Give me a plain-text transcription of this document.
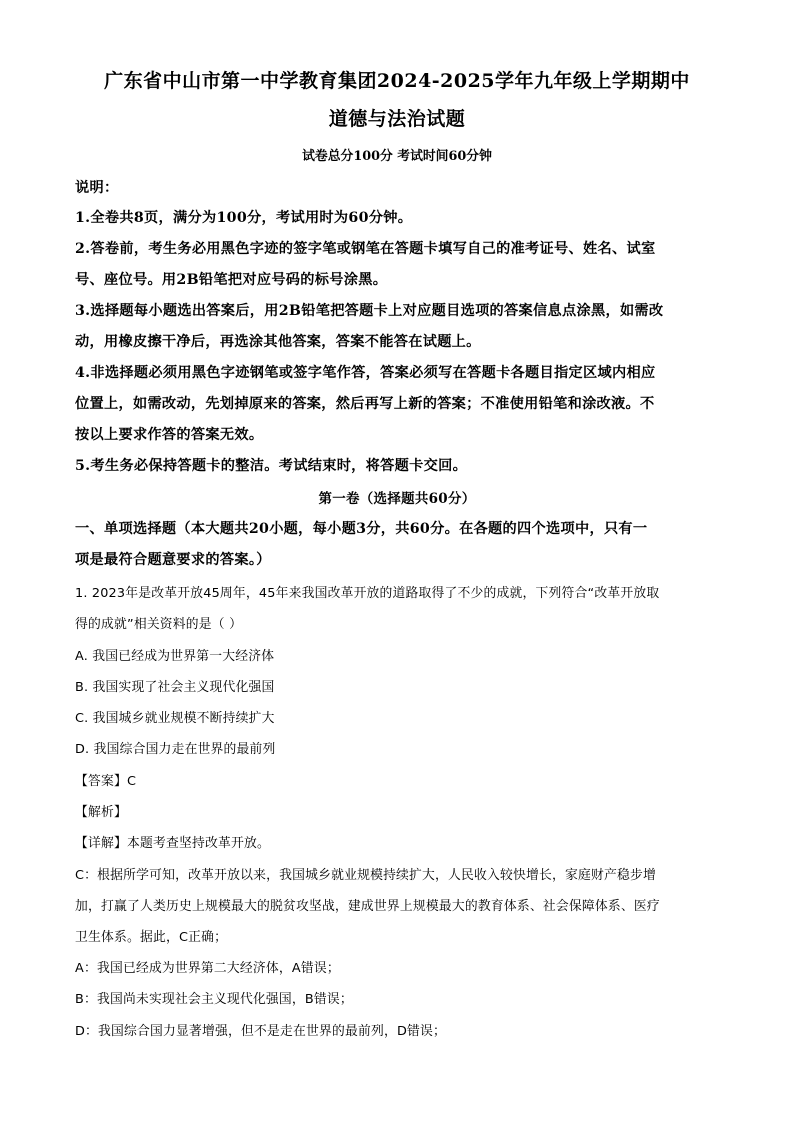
广东省中山市第一中学教育集团2024-2025学年九年级上学期期中
道德与法治试题
试卷总分100分 考试时间60分钟
说明：
1.全卷共8页，满分为100分，考试用时为60分钟。
2.答卷前，考生务必用黑色字迹的签字笔或钢笔在答题卡填写自己的准考证号、姓名、试室
号、座位号。用2B铅笔把对应号码的标号涂黑。
3.选择题每小题选出答案后，用2B铅笔把答题卡上对应题目选项的答案信息点涂黑，如需改
动，用橡皮擦干净后，再选涂其他答案，答案不能答在试题上。
4.非选择题必须用黑色字迹钢笔或签字笔作答，答案必须写在答题卡各题目指定区域内相应
位置上，如需改动，先划掉原来的答案，然后再写上新的答案；不准使用铅笔和涂改液。不
按以上要求作答的答案无效。
5.考生务必保持答题卡的整洁。考试结束时，将答题卡交回。
第一卷（选择题共60分）
一、单项选择题（本大题共20小题，每小题3分，共60分。在各题的四个选项中，只有一
项是最符合题意要求的答案。）
1. 2023年是改革开放45周年，45年来我国改革开放的道路取得了不少的成就，下列符合“改革开放取
得的成就”相关资料的是（ ）
A. 我国已经成为世界第一大经济体
B. 我国实现了社会主义现代化强国
C. 我国城乡就业规模不断持续扩大
D. 我国综合国力走在世界的最前列
【答案】C
【解析】
【详解】本题考查坚持改革开放。
C：根据所学可知，改革开放以来，我国城乡就业规模持续扩大，人民收入较快增长，家庭财产稳步增
加，打赢了人类历史上规模最大的脱贫攻坚战，建成世界上规模最大的教育体系、社会保障体系、医疗
卫生体系。据此，C正确；
A：我国已经成为世界第二大经济体，A错误；
B：我国尚未实现社会主义现代化强国，B错误；
D：我国综合国力显著增强，但不是走在世界的最前列，D错误；
